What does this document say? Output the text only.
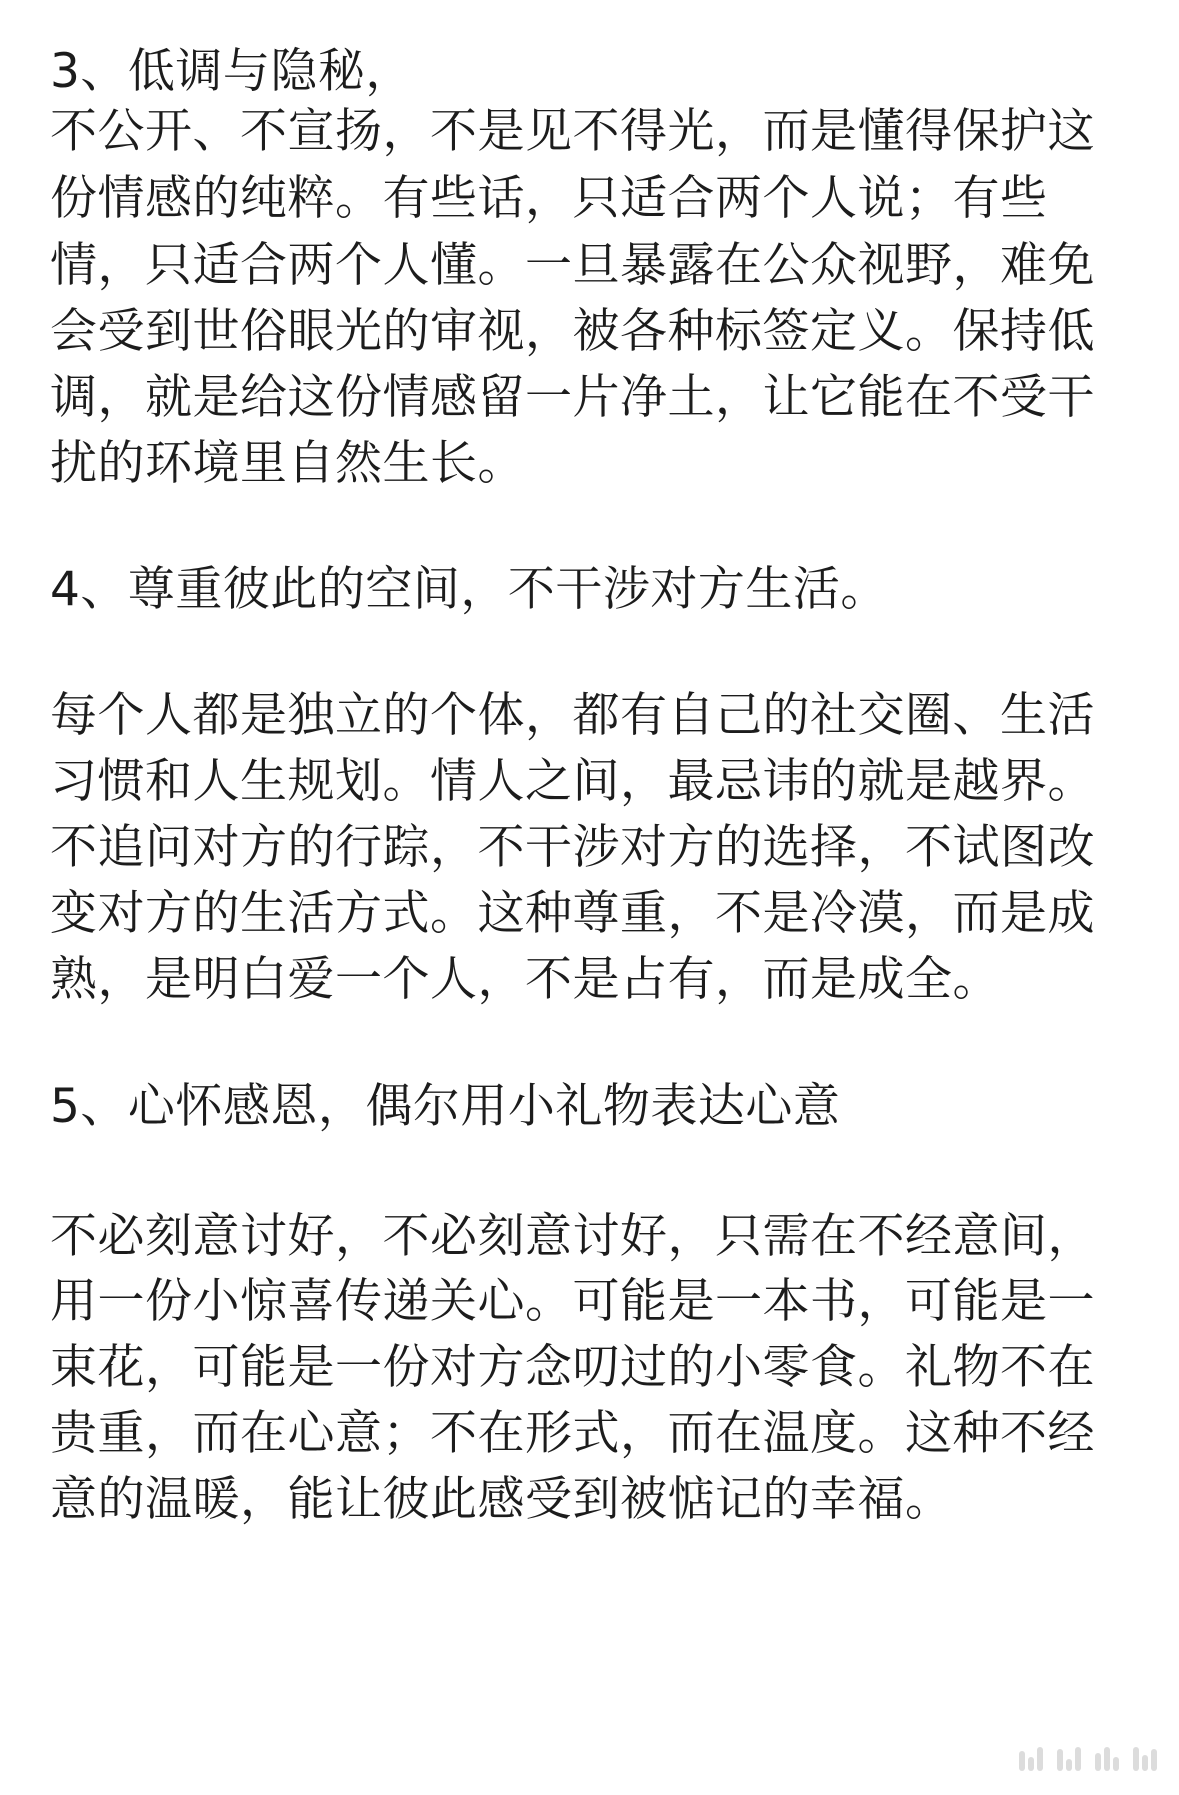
3、低调与隐秘，

不公开、不宣扬，不是见不得光，而是懂得保护这

份情感的纯粹。有些话，只适合两个人说；有些

情，只适合两个人懂。一旦暴露在公众视野，难免

会受到世俗眼光的审视，被各种标签定义。保持低

调，就是给这份情感留一片净土，让它能在不受干

扰的环境里自然生长。

4、尊重彼此的空间，不干涉对方生活。

每个人都是独立的个体，都有自己的社交圈、生活

习惯和人生规划。情人之间，最忌讳的就是越界。

不追问对方的行踪，不干涉对方的选择，不试图改

变对方的生活方式。这种尊重，不是冷漠，而是成

熟，是明白爱一个人，不是占有，而是成全。

5、心怀感恩，偶尔用小礼物表达心意

不必刻意讨好，不必刻意讨好，只需在不经意间，

用一份小惊喜传递关心。可能是一本书，可能是一

束花，可能是一份对方念叨过的小零食。礼物不在

贵重，而在心意；不在形式，而在温度。这种不经

意的温暖，能让彼此感受到被惦记的幸福。
